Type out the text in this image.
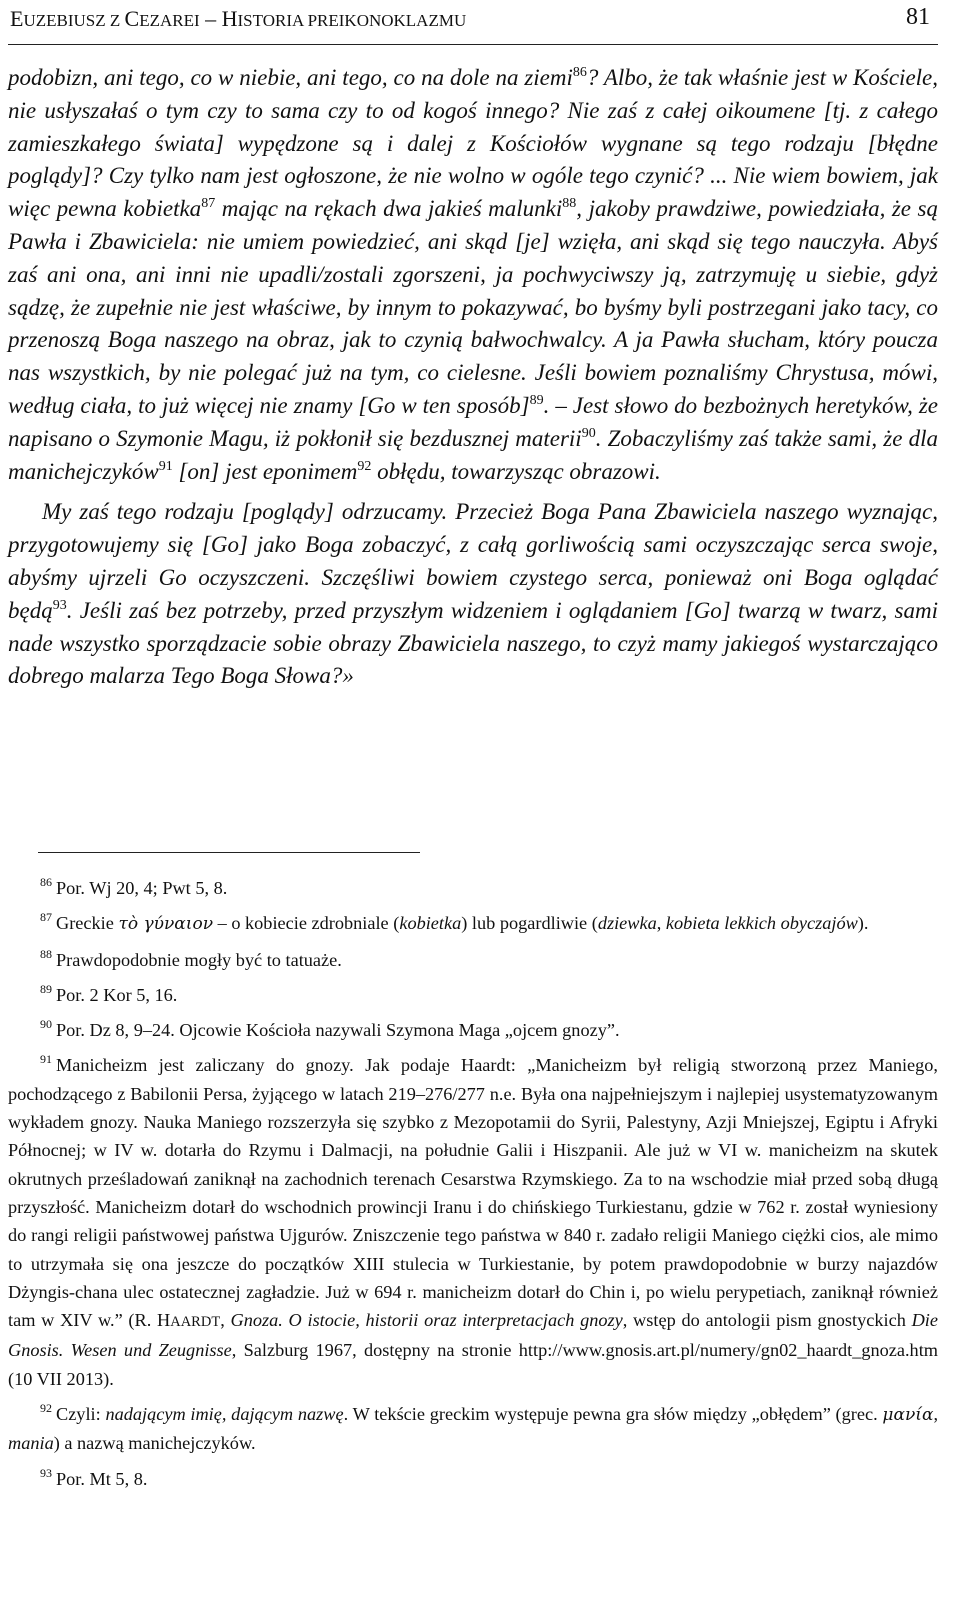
EUZEBIUSZ Z CEZAREI – HISTORIA PREIKONOKLAZMU	81

podobizn, ani tego, co w niebie, ani tego, co na dole na ziemi$^{86}$? Albo, że tak właśnie jest w Kościele, nie usłyszałaś o tym czy to sama czy to od kogoś innego? Nie zaś z całej oikoumene [tj. z całego zamieszkałego świata] wypędzone są i dalej z Kościołów wygnane są tego rodzaju [błędne poglądy]? Czy tylko nam jest ogłoszone, że nie wolno w ogóle tego czynić? ... Nie wiem bowiem, jak więc pewna kobietka$^{87}$ mając na rękach dwa jakieś malunki$^{88}$, jakoby prawdziwe, powiedziała, że są Pawła i Zbawiciela: nie umiem powiedzieć, ani skąd [je] wzięła, ani skąd się tego nauczyła. Abyś zaś ani ona, ani inni nie upadli/zostali zgorszeni, ja pochwyciwszy ją, zatrzymuję u siebie, gdyż sądzę, że zupełnie nie jest właściwe, by innym to pokazywać, bo byśmy byli postrzegani jako tacy, co przenoszą Boga naszego na obraz, jak to czynią bałwochwalcy. A ja Pawła słucham, który poucza nas wszystkich, by nie polegać już na tym, co cielesne. Jeśli bowiem poznaliśmy Chrystusa, mówi, według ciała, to już więcej nie znamy [Go w ten sposób]$^{89}$. – Jest słowo do bezbożnych heretyków, że napisano o Szymonie Magu, iż pokłonił się bezdusznej materii$^{90}$. Zobaczyliśmy zaś także sami, że dla manichejczyków$^{91}$ [on] jest eponimem$^{92}$ obłędu, towarzysząc obrazowi.

My zaś tego rodzaju [poglądy] odrzucamy. Przecież Boga Pana Zbawiciela naszego wyznając, przygotowujemy się [Go] jako Boga zobaczyć, z całą gorliwością sami oczyszczając serca swoje, abyśmy ujrzeli Go oczyszczeni. Szczęśliwi bowiem czystego serca, ponieważ oni Boga oglądać będą$^{93}$. Jeśli zaś bez potrzeby, przed przyszłym widzeniem i oglądaniem [Go] twarzą w twarz, sami nade wszystko sporządzacie sobie obrazy Zbawiciela naszego, to czyż mamy jakiegoś wystarczająco dobrego malarza Tego Boga Słowa?»

$^{86}$ Por. Wj 20, 4; Pwt 5, 8.

$^{87}$ Greckie τὸ γύναιον – o kobiecie zdrobniale (kobietka) lub pogardliwie (dziewka, kobieta lekkich obyczajów).

$^{88}$ Prawdopodobnie mogły być to tatuaże.

$^{89}$ Por. 2 Kor 5, 16.

$^{90}$ Por. Dz 8, 9–24. Ojcowie Kościoła nazywali Szymona Maga „ojcem gnozy”.

$^{91}$ Manicheizm jest zaliczany do gnozy. Jak podaje Haardt: „Manicheizm był religią stworzoną przez Maniego, pochodzącego z Babilonii Persa, żyjącego w latach 219–276/277 n.e. Była ona najpełniejszym i najlepiej usystematyzowanym wykładem gnozy. Nauka Maniego rozszerzyła się szybko z Mezopotamii do Syrii, Palestyny, Azji Mniejszej, Egiptu i Afryki Północnej; w IV w. dotarła do Rzymu i Dalmacji, na południe Galii i Hiszpanii. Ale już w VI w. manicheizm na skutek okrutnych prześladowań zaniknął na zachodnich terenach Cesarstwa Rzymskiego. Za to na wschodzie miał przed sobą długą przyszłość. Manicheizm dotarł do wschodnich prowincji Iranu i do chińskiego Turkiestanu, gdzie w 762 r. został wyniesiony do rangi religii państwowej państwa Ujgurów. Zniszczenie tego państwa w 840 r. zadało religii Maniego ciężki cios, ale mimo to utrzymała się ona jeszcze do początków XIII stulecia w Turkiestanie, by potem prawdopodobnie w burzy najazdów Dżyngis-chana ulec ostatecznej zagładzie. Już w 694 r. manicheizm dotarł do Chin i, po wielu perypetiach, zaniknął również tam w XIV w.” (R. HAARDT, Gnoza. O istocie, historii oraz interpretacjach gnozy, wstęp do antologii pism gnostyckich Die Gnosis. Wesen und Zeugnisse, Salzburg 1967, dostępny na stronie http://www.gnosis.art.pl/numery/gn02_haardt_gnoza.htm (10 VII 2013).

$^{92}$ Czyli: nadającym imię, dającym nazwę. W tekście greckim występuje pewna gra słów między „obłędem” (grec. μανία, mania) a nazwą manichejczyków.

$^{93}$ Por. Mt 5, 8.
